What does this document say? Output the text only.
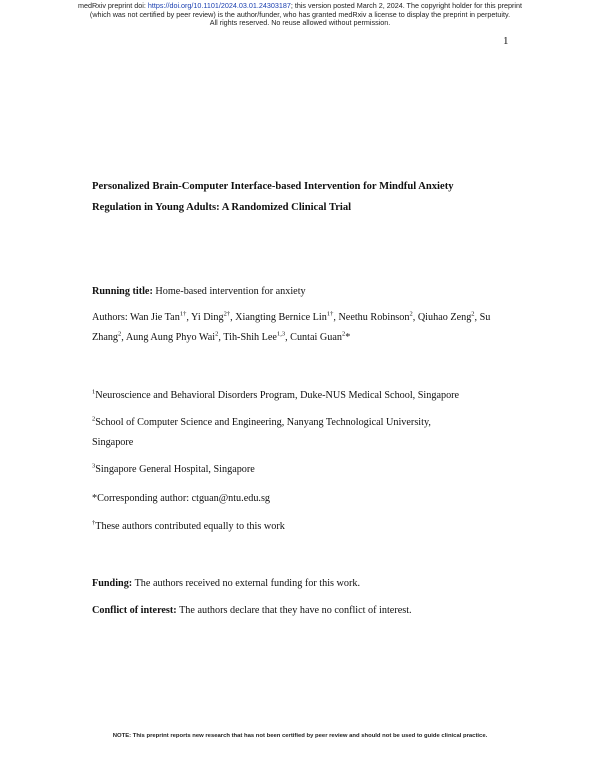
medRxiv preprint doi: https://doi.org/10.1101/2024.03.01.24303187; this version posted March 2, 2024. The copyright holder for this preprint
(which was not certified by peer review) is the author/funder, who has granted medRxiv a license to display the preprint in perpetuity.
All rights reserved. No reuse allowed without permission.
1
Personalized Brain-Computer Interface-based Intervention for Mindful Anxiety
Regulation in Young Adults: A Randomized Clinical Trial
Running title: Home-based intervention for anxiety
Authors: Wan Jie Tan$^{1\dagger}$, Yi Ding$^{2\dagger}$, Xiangting Bernice Lin$^{1\dagger}$, Neethu Robinson$^2$, Qiuhao Zeng$^2$, Su Zhang$^2$, Aung Aung Phyo Wai$^2$, Tih-Shih Lee$^{1,3}$, Cuntai Guan$^2$*
$^1$Neuroscience and Behavioral Disorders Program, Duke-NUS Medical School, Singapore
$^2$School of Computer Science and Engineering, Nanyang Technological University,
Singapore
$^3$Singapore General Hospital, Singapore
*Corresponding author: ctguan@ntu.edu.sg
†These authors contributed equally to this work
Funding: The authors received no external funding for this work.
Conflict of interest: The authors declare that they have no conflict of interest.
NOTE: This preprint reports new research that has not been certified by peer review and should not be used to guide clinical practice.
